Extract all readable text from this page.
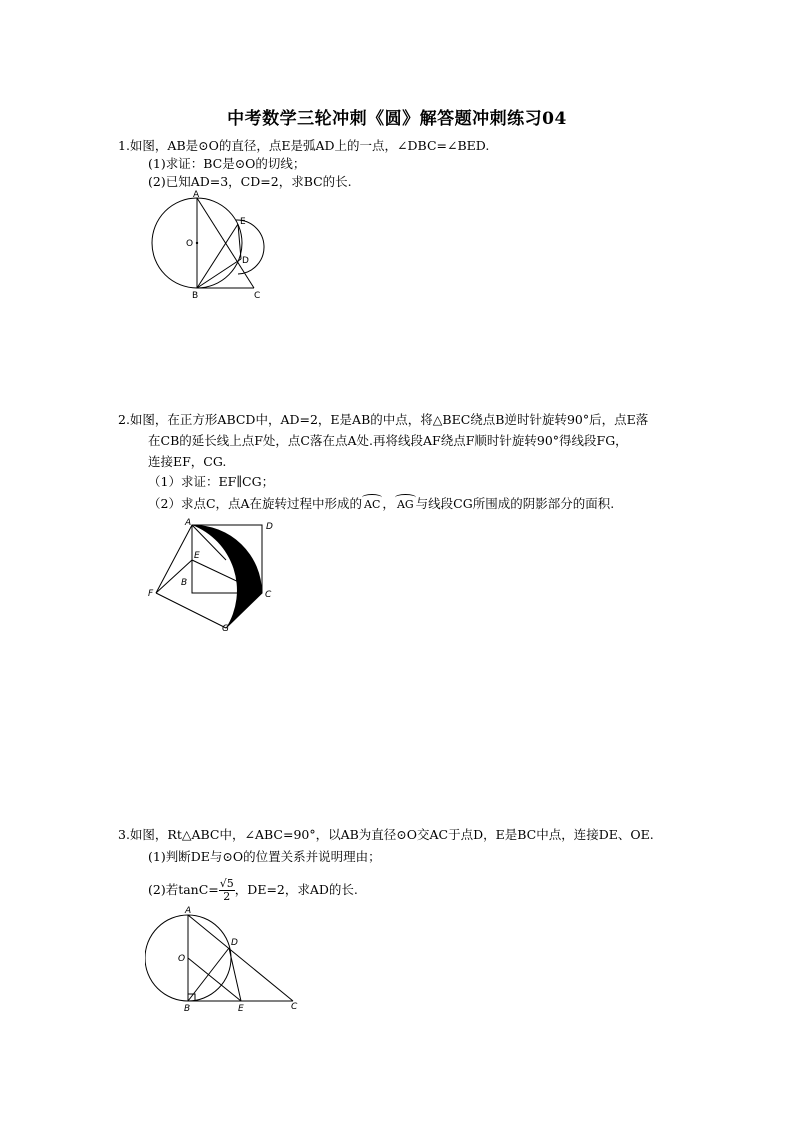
中考数学三轮冲刺《圆》解答题冲刺练习04
1.如图，AB是⊙O的直径，点E是弧AD上的一点，∠DBC=∠BED.
(1)求证：BC是⊙O的切线；
(2)已知AD=3，CD=2，求BC的长.
A
E
O
D
B	C
2.如图，在正方形ABCD中，AD=2，E是AB的中点，将△BEC绕点B逆时针旋转90°后，点E落
在CB的延长线上点F处，点C落在点A处.再将线段AF绕点F顺时针旋转90°得线段FG，
连接EF，CG.
（1）求证：EF∥CG；
（2）求点C，点A在旋转过程中形成的 AC ， AG 与线段CG所围成的阴影部分的面积.
A	D
E
B
F	C
G
3.如图，Rt△ABC中，∠ABC=90°，以AB为直径⊙O交AC于点D，E是BC中点，连接DE、OE.
(1)判断DE与⊙O的位置关系并说明理由；
(2)若$\tan C= \frac{√5}{2}$ ，DE=2，求AD的长.
A
D
O
B	E	C
